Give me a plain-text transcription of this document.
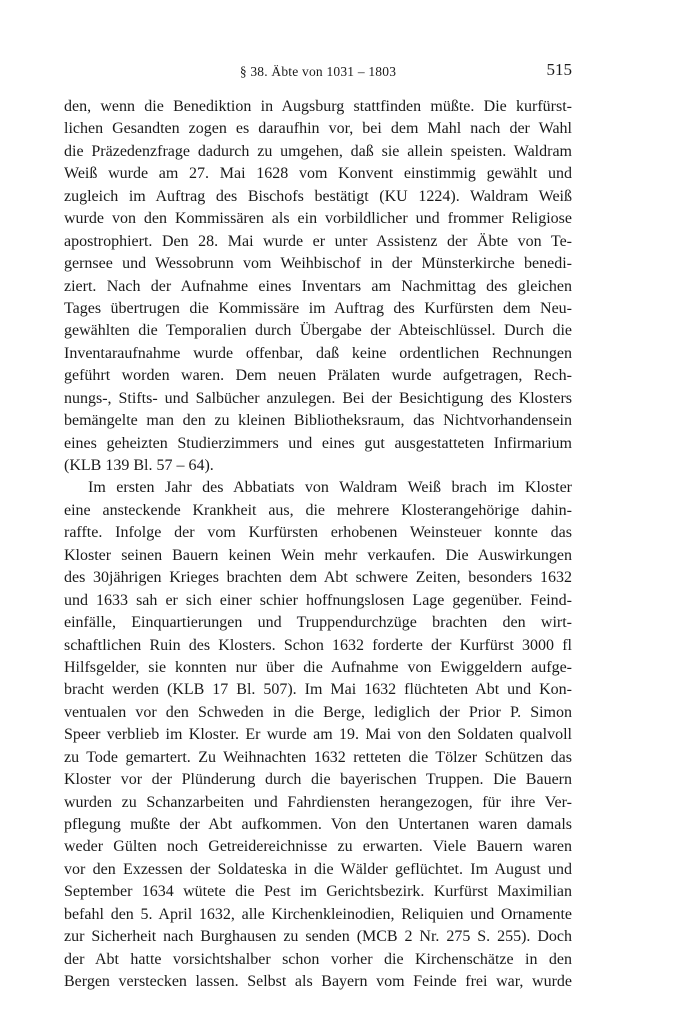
§ 38. Äbte von 1031 – 1803	515

den, wenn die Benediktion in Augsburg stattfinden müßte. Die kurfürst-
lichen Gesandten zogen es daraufhin vor, bei dem Mahl nach der Wahl
die Präzedenzfrage dadurch zu umgehen, daß sie allein speisten. Waldram
Weiß wurde am 27. Mai 1628 vom Konvent einstimmig gewählt und
zugleich im Auftrag des Bischofs bestätigt (KU 1224). Waldram Weiß
wurde von den Kommissären als ein vorbildlicher und frommer Religiose
apostrophiert. Den 28. Mai wurde er unter Assistenz der Äbte von Te-
gernsee und Wessobrunn vom Weihbischof in der Münsterkirche benedi-
ziert. Nach der Aufnahme eines Inventars am Nachmittag des gleichen
Tages übertrugen die Kommissäre im Auftrag des Kurfürsten dem Neu-
gewählten die Temporalien durch Übergabe der Abteischlüssel. Durch die
Inventaraufnahme wurde offenbar, daß keine ordentlichen Rechnungen
geführt worden waren. Dem neuen Prälaten wurde aufgetragen, Rech-
nungs-, Stifts- und Salbücher anzulegen. Bei der Besichtigung des Klosters
bemängelte man den zu kleinen Bibliotheksraum, das Nichtvorhandensein
eines geheizten Studierzimmers und eines gut ausgestatteten Infirmarium
(KLB 139 Bl. 57 – 64).

Im ersten Jahr des Abbatiats von Waldram Weiß brach im Kloster
eine ansteckende Krankheit aus, die mehrere Klosterangehörige dahin-
raffte. Infolge der vom Kurfürsten erhobenen Weinsteuer konnte das
Kloster seinen Bauern keinen Wein mehr verkaufen. Die Auswirkungen
des 30jährigen Krieges brachten dem Abt schwere Zeiten, besonders 1632
und 1633 sah er sich einer schier hoffnungslosen Lage gegenüber. Feind-
einfälle, Einquartierungen und Truppendurchzüge brachten den wirt-
schaftlichen Ruin des Klosters. Schon 1632 forderte der Kurfürst 3000 fl
Hilfsgelder, sie konnten nur über die Aufnahme von Ewiggeldern aufge-
bracht werden (KLB 17 Bl. 507). Im Mai 1632 flüchteten Abt und Kon-
ventualen vor den Schweden in die Berge, lediglich der Prior P. Simon
Speer verblieb im Kloster. Er wurde am 19. Mai von den Soldaten qualvoll
zu Tode gemartert. Zu Weihnachten 1632 retteten die Tölzer Schützen das
Kloster vor der Plünderung durch die bayerischen Truppen. Die Bauern
wurden zu Schanzarbeiten und Fahrdiensten herangezogen, für ihre Ver-
pflegung mußte der Abt aufkommen. Von den Untertanen waren damals
weder Gülten noch Getreidereichnisse zu erwarten. Viele Bauern waren
vor den Exzessen der Soldateska in die Wälder geflüchtet. Im August und
September 1634 wütete die Pest im Gerichtsbezirk. Kurfürst Maximilian
befahl den 5. April 1632, alle Kirchenkleinodien, Reliquien und Ornamente
zur Sicherheit nach Burghausen zu senden (MCB 2 Nr. 275 S. 255). Doch
der Abt hatte vorsichtshalber schon vorher die Kirchenschätze in den
Bergen verstecken lassen. Selbst als Bayern vom Feinde frei war, wurde
